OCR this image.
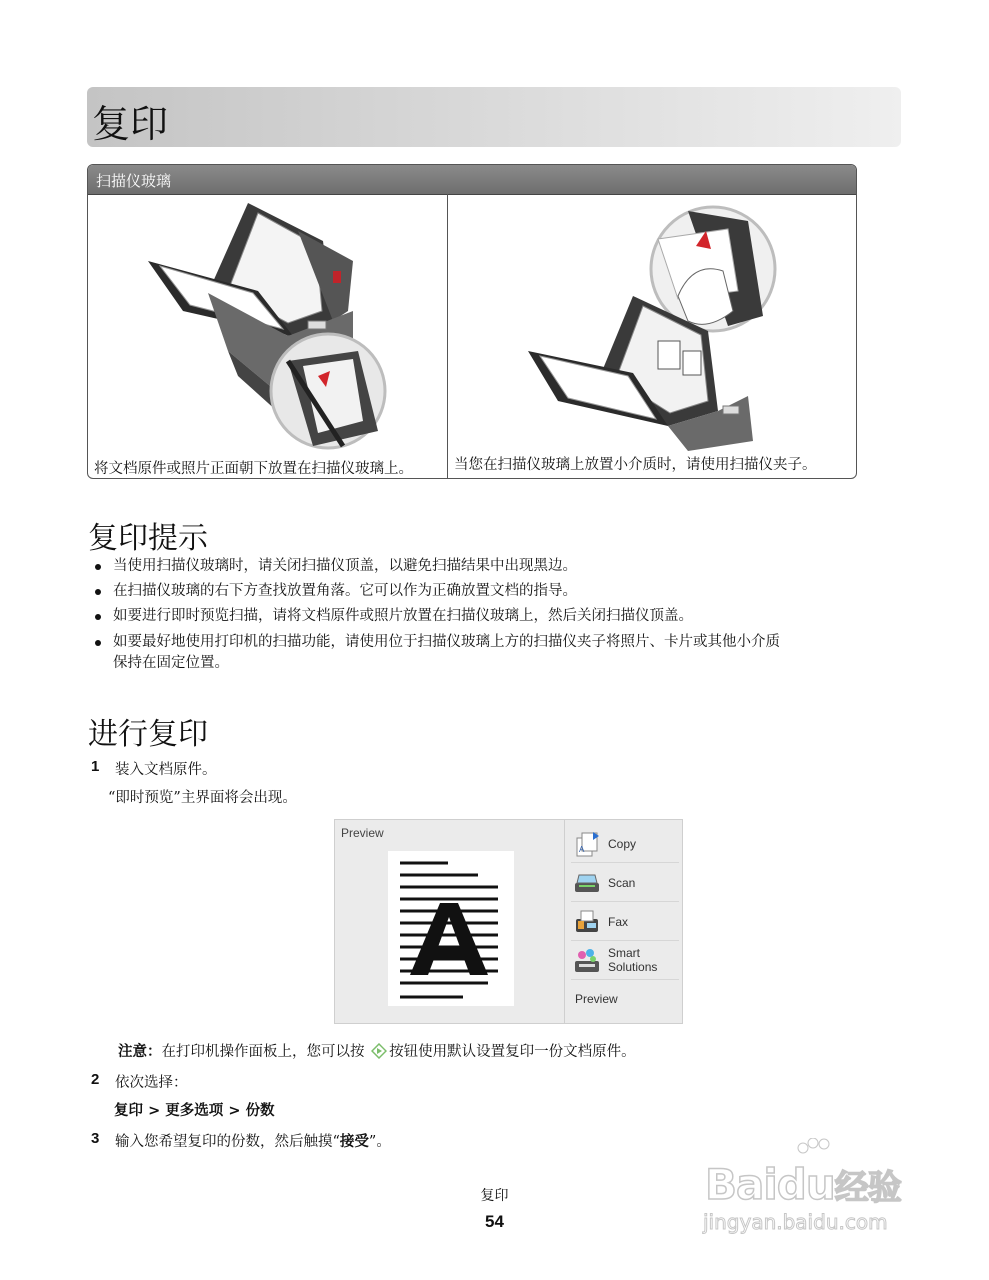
复印
扫描仪玻璃
将文档原件或照片正面朝下放置在扫描仪玻璃上。	当您在扫描仪玻璃上放置小介质时，请使用扫描仪夹子。
复印提示
当使用扫描仪玻璃时，请关闭扫描仪顶盖，以避免扫描结果中出现黑边。
在扫描仪玻璃的右下方查找放置角落。它可以作为正确放置文档的指导。
如要进行即时预览扫描，请将文档原件或照片放置在扫描仪玻璃上，然后关闭扫描仪顶盖。
如要最好地使用打印机的扫描功能，请使用位于扫描仪玻璃上方的扫描仪夹子将照片、卡片或其他小介质
保持在固定位置。
进行复印
1 装入文档原件。
“即时预览”主界面将会出现。
Preview
A Copy
Scan
Fax
Smart
Solutions
Preview
注意：在打印机操作面板上，您可以按 按钮使用默认设置复印一份文档原件。
2 依次选择：
复印 > 更多选项 > 份数
3 输入您希望复印的份数，然后触摸“接受”。
复印
54
Baidu经验
jingyan.baidu.com
